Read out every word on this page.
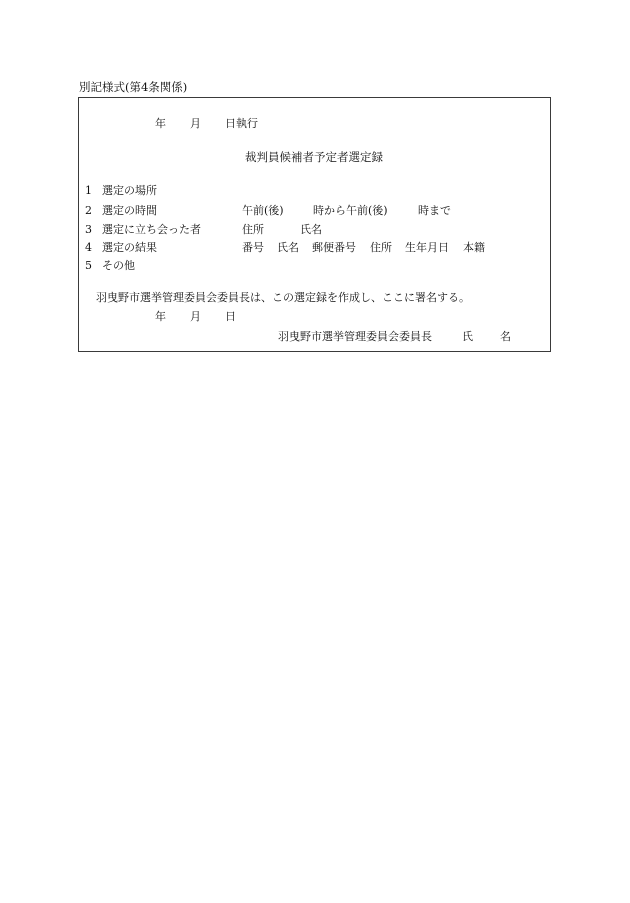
別記様式(第4条関係)
年 月 日執行
裁判員候補者予定者選定録
1 選定の場所
2 選定の時間	午前(後)	時から午前(後)	時まで
3 選定に立ち会った者	住所	氏名
4 選定の結果	番号 氏名 郵便番号 住所 生年月日 本籍
5 その他
羽曳野市選挙管理委員会委員長は、この選定録を作成し、ここに署名する。
年 月 日
羽曳野市選挙管理委員会委員長	氏 名
